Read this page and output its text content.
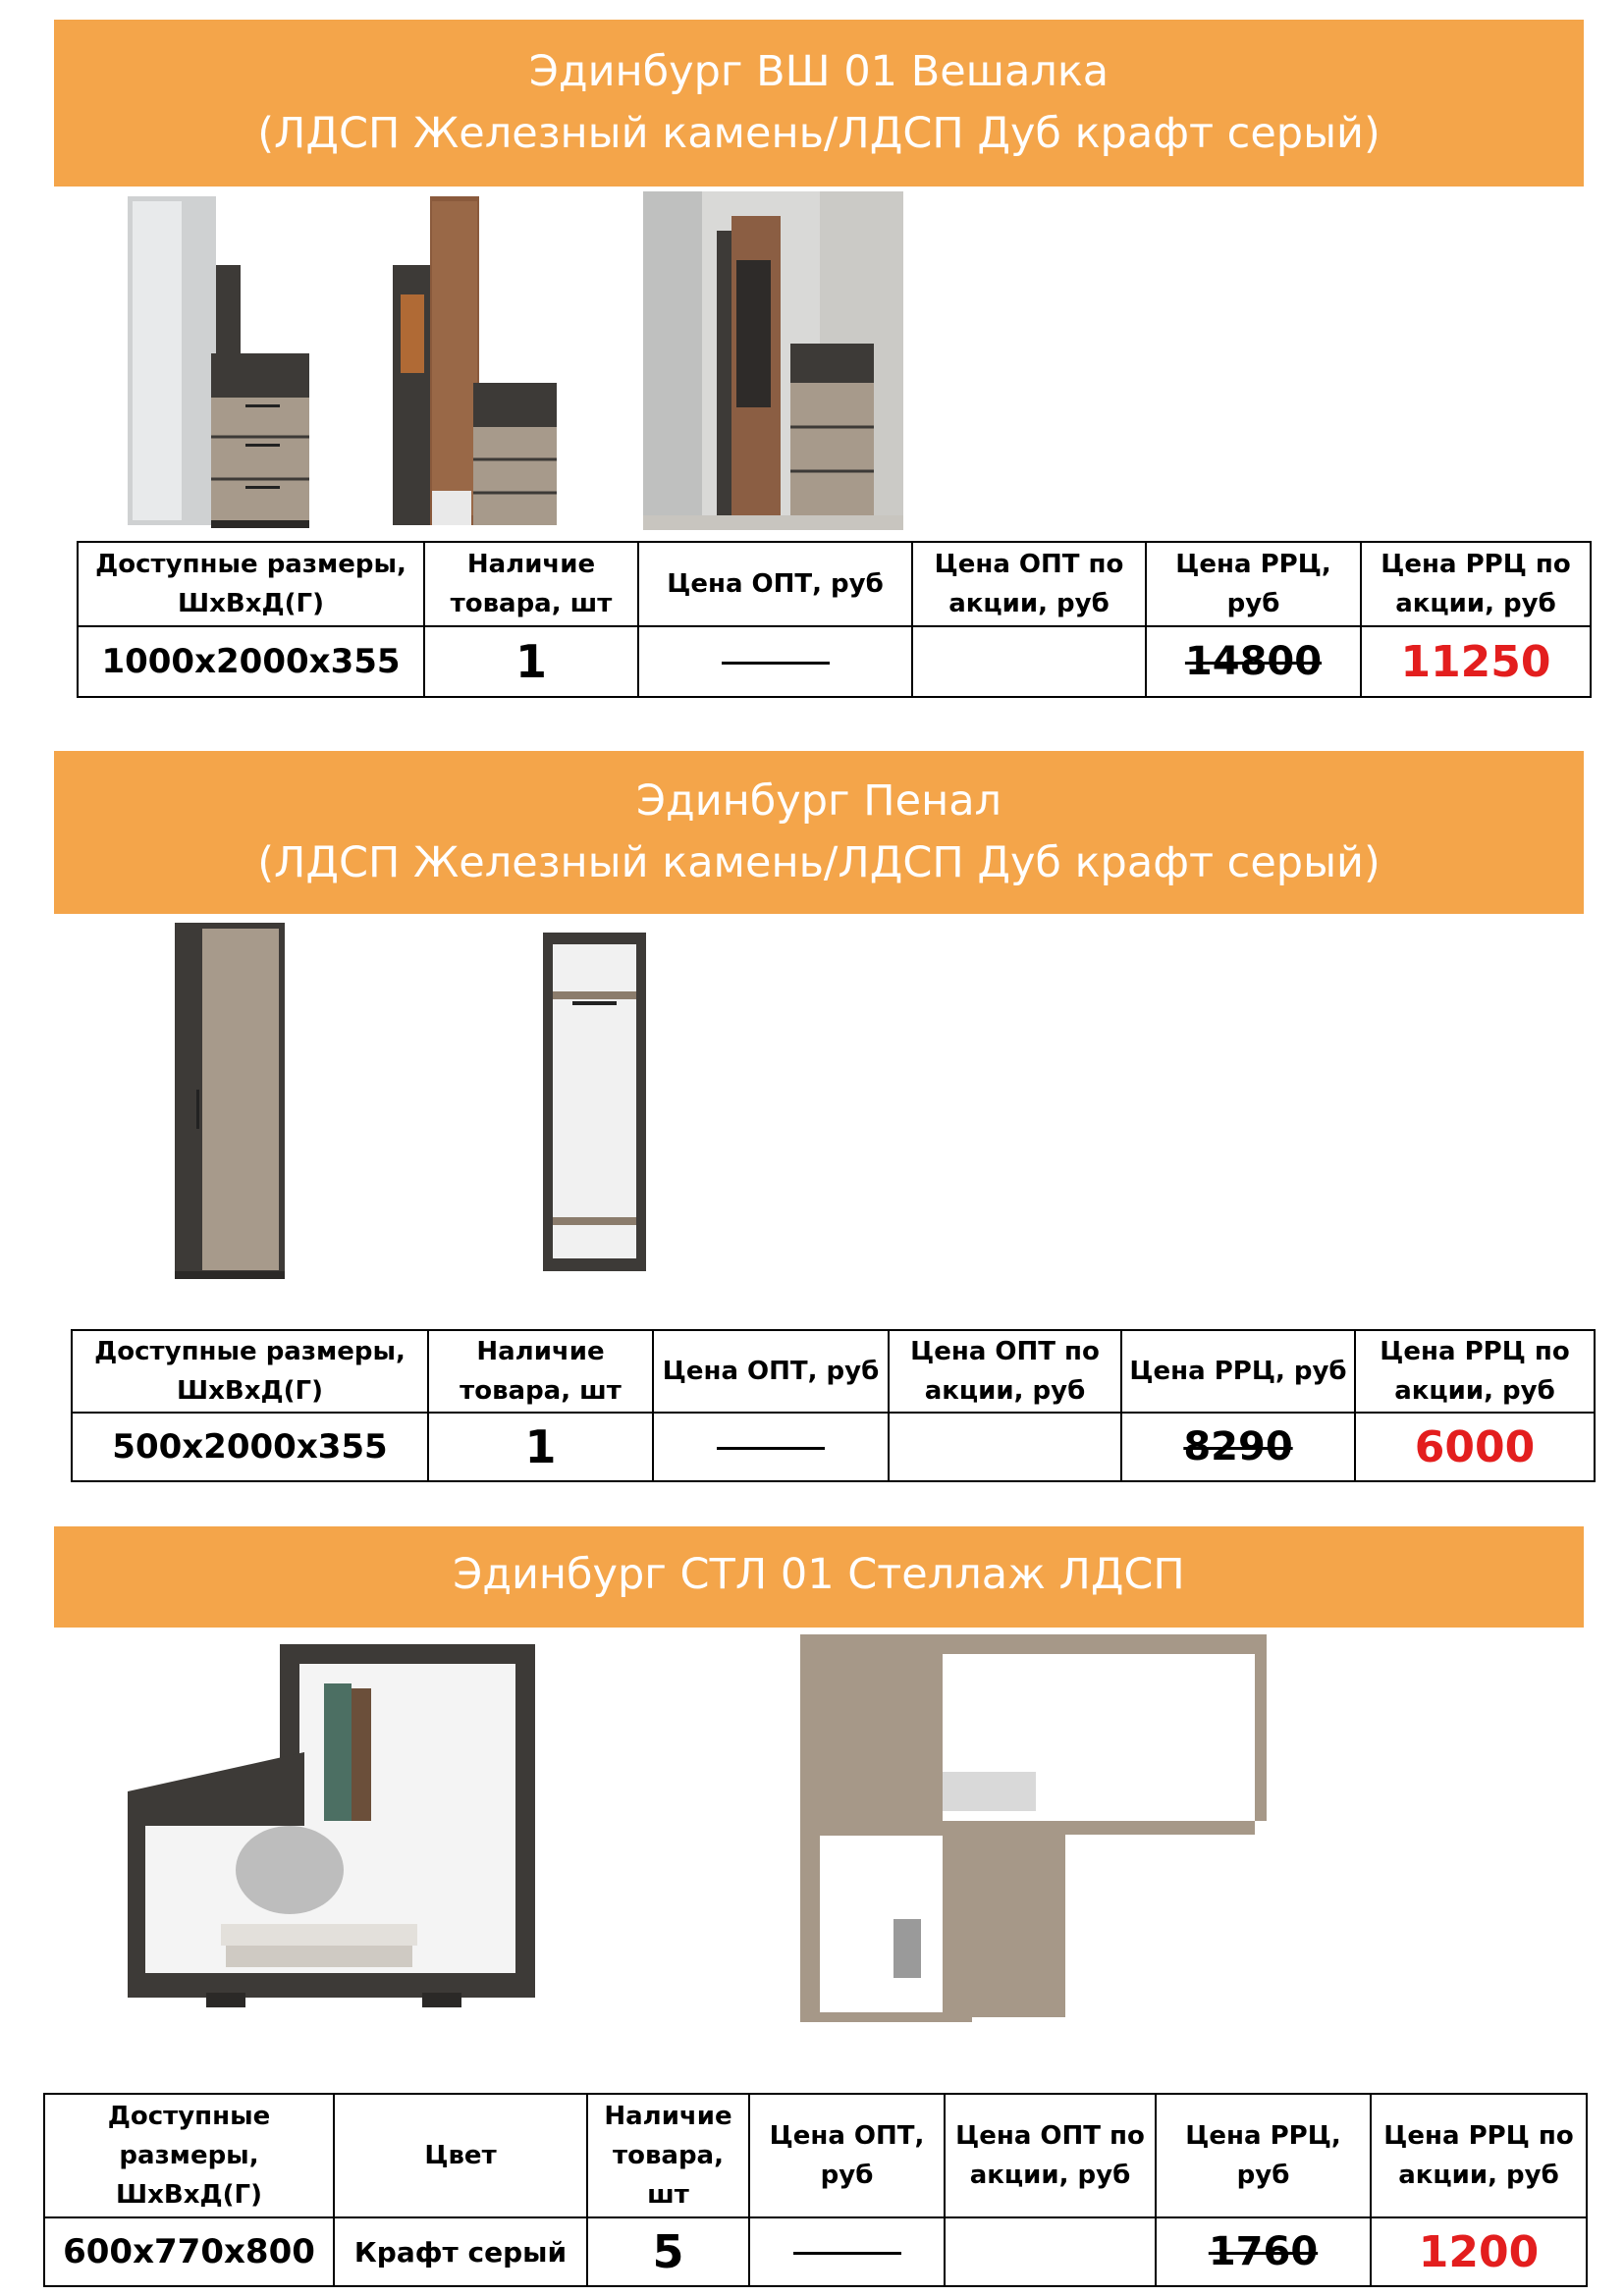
Эдинбург ВШ 01 Вешалка
(ЛДСП Железный камень/ЛДСП Дуб крафт серый)
Доступные размеры, ШхВхД(Г)	Наличие товара, шт	Цена ОПТ, руб	Цена ОПТ по акции, руб	Цена РРЦ, руб	Цена РРЦ по акции, руб
1000х2000х355	1			14800	11250
Эдинбург Пенал
(ЛДСП Железный камень/ЛДСП Дуб крафт серый)
Доступные размеры, ШхВхД(Г)	Наличие товара, шт	Цена ОПТ, руб	Цена ОПТ по акции, руб	Цена РРЦ, руб	Цена РРЦ по акции, руб
500х2000х355	1			8290	6000
Эдинбург СТЛ 01 Стеллаж ЛДСП
Доступные размеры, ШхВхД(Г)	Цвет	Наличие товара, шт	Цена ОПТ, руб	Цена ОПТ по акции, руб	Цена РРЦ, руб	Цена РРЦ по акции, руб
600х770х800	Крафт серый	5			1760	1200
